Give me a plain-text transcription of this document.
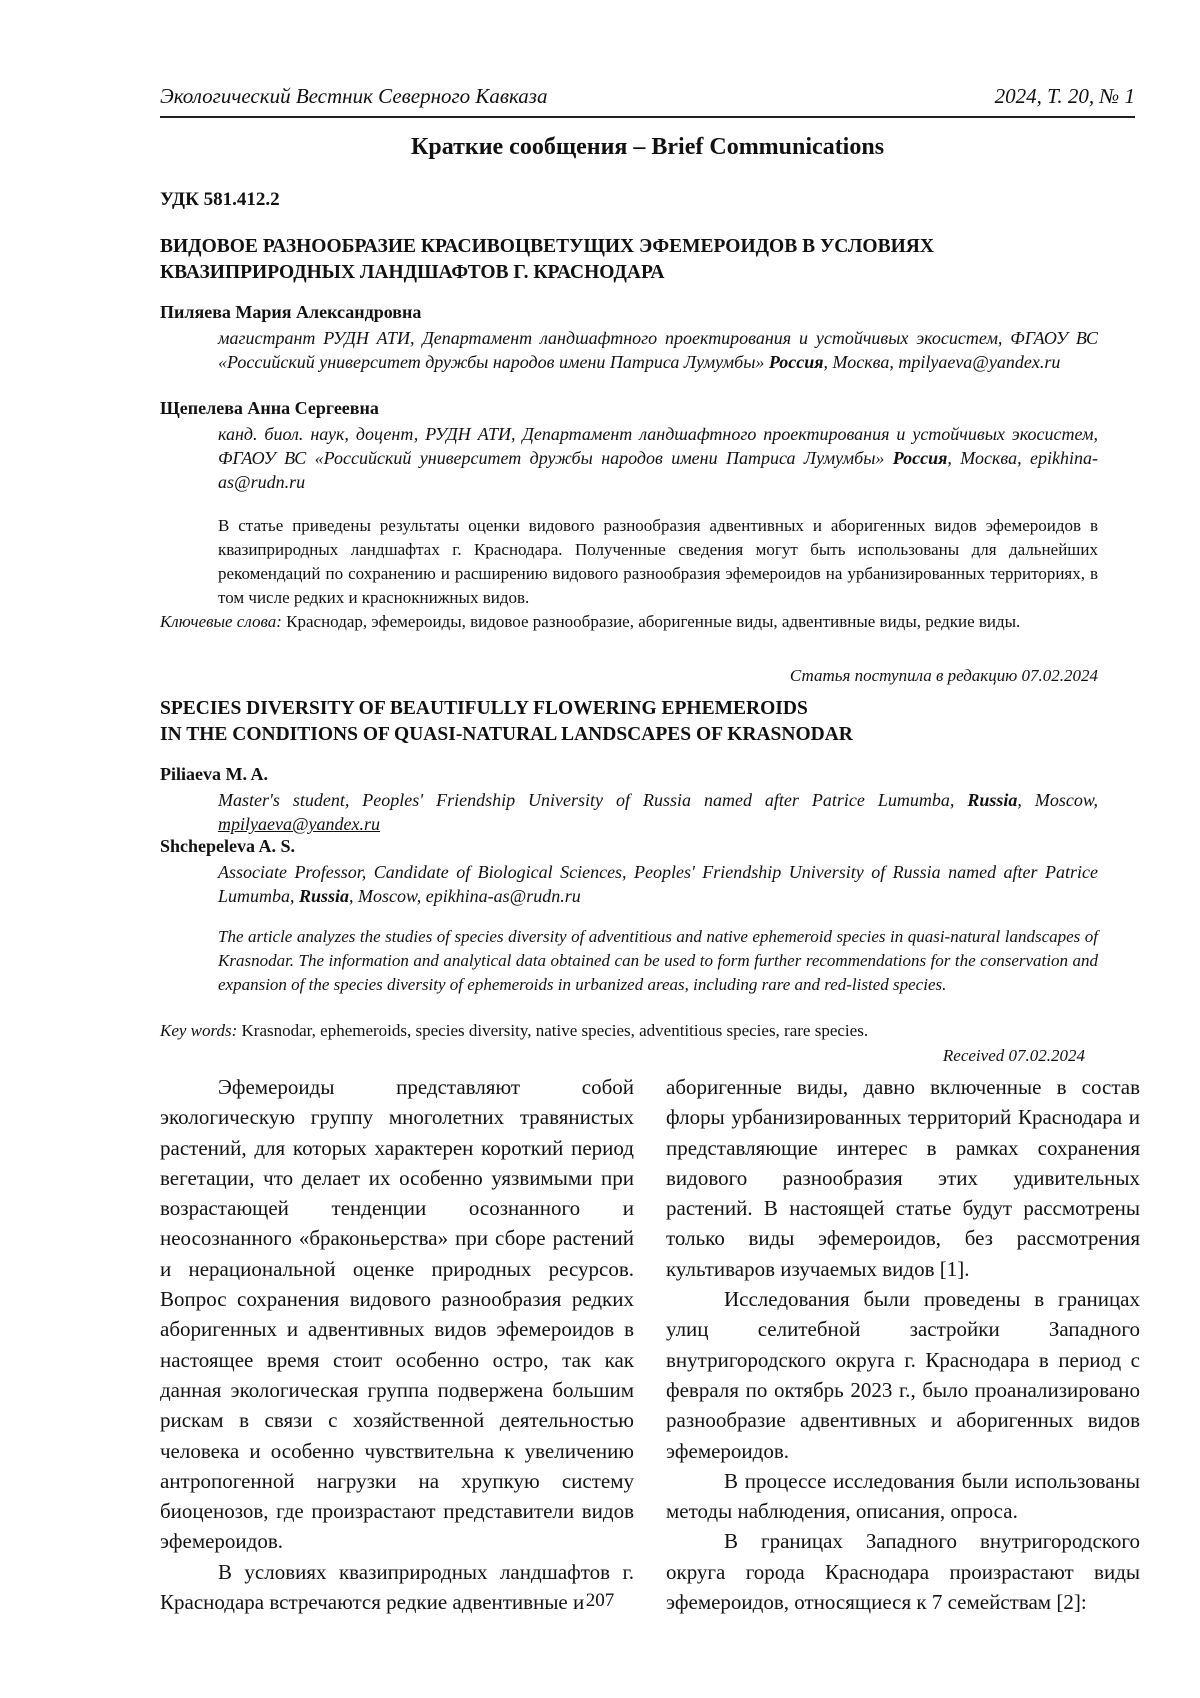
Экологический Вестник Северного Кавказа	2024, Т. 20, № 1
Краткие сообщения – Brief Communications
УДК 581.412.2
ВИДОВОЕ РАЗНООБРАЗИЕ КРАСИВОЦВЕТУЩИХ ЭФЕМЕРОИДОВ В УСЛОВИЯХ
КВАЗИПРИРОДНЫХ ЛАНДШАФТОВ Г. КРАСНОДАРА
Пиляева Мария Александровна
магистрант РУДН АТИ, Департамент ландшафтного проектирования и устойчивых экосистем, ФГАОУ ВС «Российский университет дружбы народов имени Патриса Лумумбы» Россия, Москва, mpilyaeva@yandex.ru
Щепелева Анна Сергеевна
канд. биол. наук, доцент, РУДН АТИ, Департамент ландшафтного проектирования и устойчивых экосистем, ФГАОУ ВС «Российский университет дружбы народов имени Патриса Лумумбы» Россия, Москва, epikhina-as@rudn.ru
В статье приведены результаты оценки видового разнообразия адвентивных и аборигенных видов эфемероидов в квазиприродных ландшафтах г. Краснодара. Полученные сведения могут быть использованы для дальнейших рекомендаций по сохранению и расширению видового разнообразия эфемероидов на урбанизированных территориях, в том числе редких и краснокнижных видов.
Ключевые слова: Краснодар, эфемероиды, видовое разнообразие, аборигенные виды, адвентивные виды, редкие виды.
Статья поступила в редакцию 07.02.2024
SPECIES DIVERSITY OF BEAUTIFULLY FLOWERING EPHEMEROIDS
IN THE CONDITIONS OF QUASI-NATURAL LANDSCAPES OF KRASNODAR
Piliaeva M. A.
Master's student, Peoples' Friendship University of Russia named after Patrice Lumumba, Russia, Moscow, mpilyaeva@yandex.ru
Shchepeleva A. S.
Associate Professor, Candidate of Biological Sciences, Peoples' Friendship University of Russia named after Patrice Lumumba, Russia, Moscow, epikhina-as@rudn.ru
The article analyzes the studies of species diversity of adventitious and native ephemeroid species in quasi-natural landscapes of Krasnodar. The information and analytical data obtained can be used to form further recommendations for the conservation and expansion of the species diversity of ephemeroids in urbanized areas, including rare and red-listed species.
Key words: Krasnodar, ephemeroids, species diversity, native species, adventitious species, rare species.
Received 07.02.2024

Эфемероиды представляют собой экологическую группу многолетних травянистых растений, для которых характерен короткий период вегетации, что делает их особенно уязвимыми при возрастающей тенденции осознанного и неосознанного «браконьерства» при сборе растений и нерациональной оценке природных ресурсов. Вопрос сохранения видового разнообразия редких аборигенных и адвентивных видов эфемероидов в настоящее время стоит особенно остро, так как данная экологическая группа подвержена большим рискам в связи с хозяйственной деятельностью человека и особенно чувствительна к увеличению антропогенной нагрузки на хрупкую систему биоценозов, где произрастают представители видов эфемероидов.

В условиях квазиприродных ландшафтов г. Краснодара встречаются редкие адвентивные и

аборигенные виды, давно включенные в состав флоры урбанизированных территорий Краснодара и представляющие интерес в рамках сохранения видового разнообразия этих удивительных растений. В настоящей статье будут рассмотрены только виды эфемероидов, без рассмотрения культиваров изучаемых видов [1].

Исследования были проведены в границах улиц селитебной застройки Западного внутригородского округа г. Краснодара в период с февраля по октябрь 2023 г., было проанализировано разнообразие адвентивных и аборигенных видов эфемероидов.

В процессе исследования были использованы методы наблюдения, описания, опроса.

В границах Западного внутригородского округа города Краснодара произрастают виды эфемероидов, относящиеся к 7 семействам [2]:

207
